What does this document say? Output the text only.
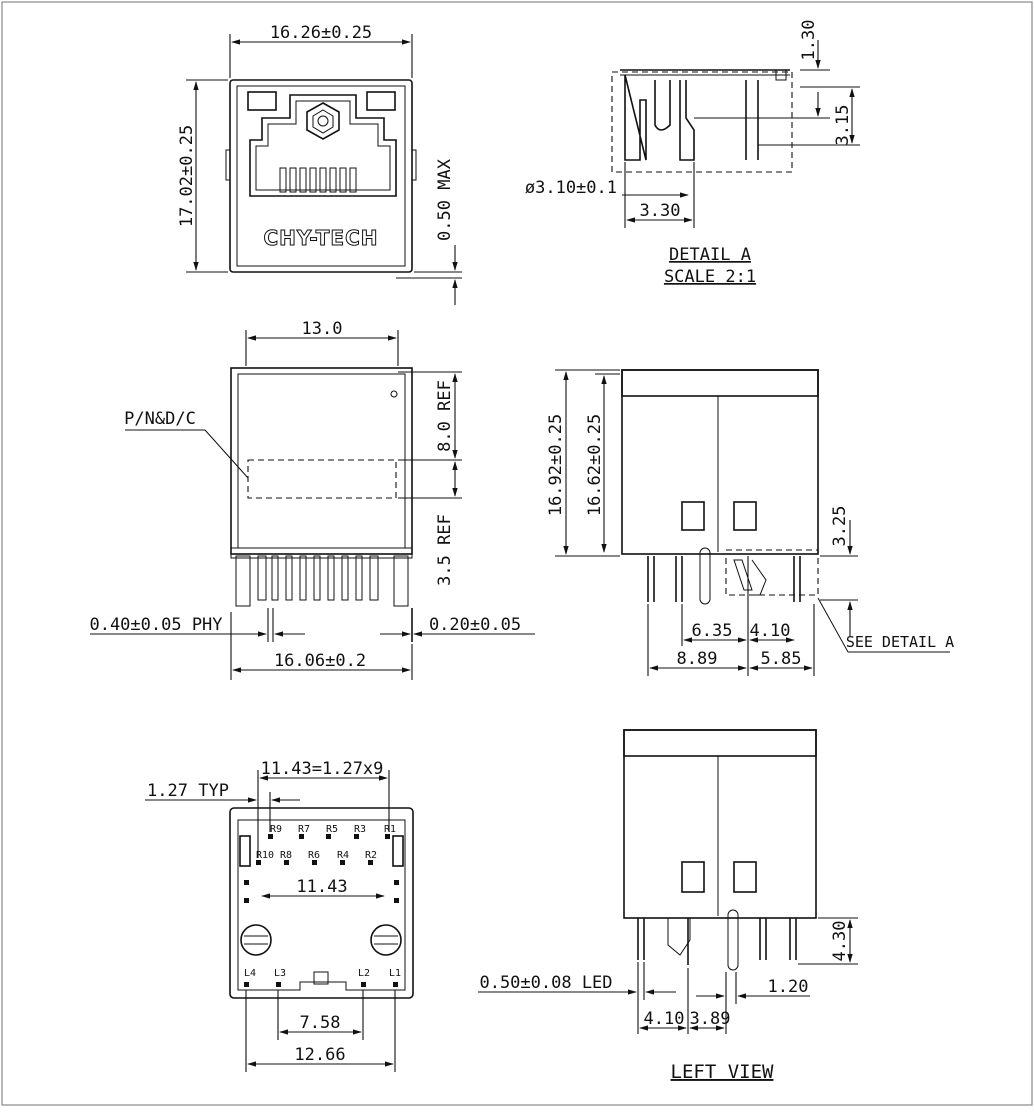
CHY-TECH
16.26±0.25
17.02±0.25	0.50 MAX
1.30
3.15
ø3.10±0.1
3.30
DETAIL A
SCALE 2:1
13.0
8.0 REF
3.5 REF
P/N&D/C
0.40±0.05 PHY	0.20±0.05
16.06±0.2
16.92±0.25 16.62±0.25
3.25
6.35 4.10
8.89	5.85
SEE DETAIL A
R9 R7 R5 R3 R1
R10 R8 R6 R4 R2
L4 L3	L2 L1
11.43=1.27x9
1.27 TYP
11.43
7.58
12.66
4.30
0.50±0.08 LED	1.20
4.10 3.89
LEFT VIEW
